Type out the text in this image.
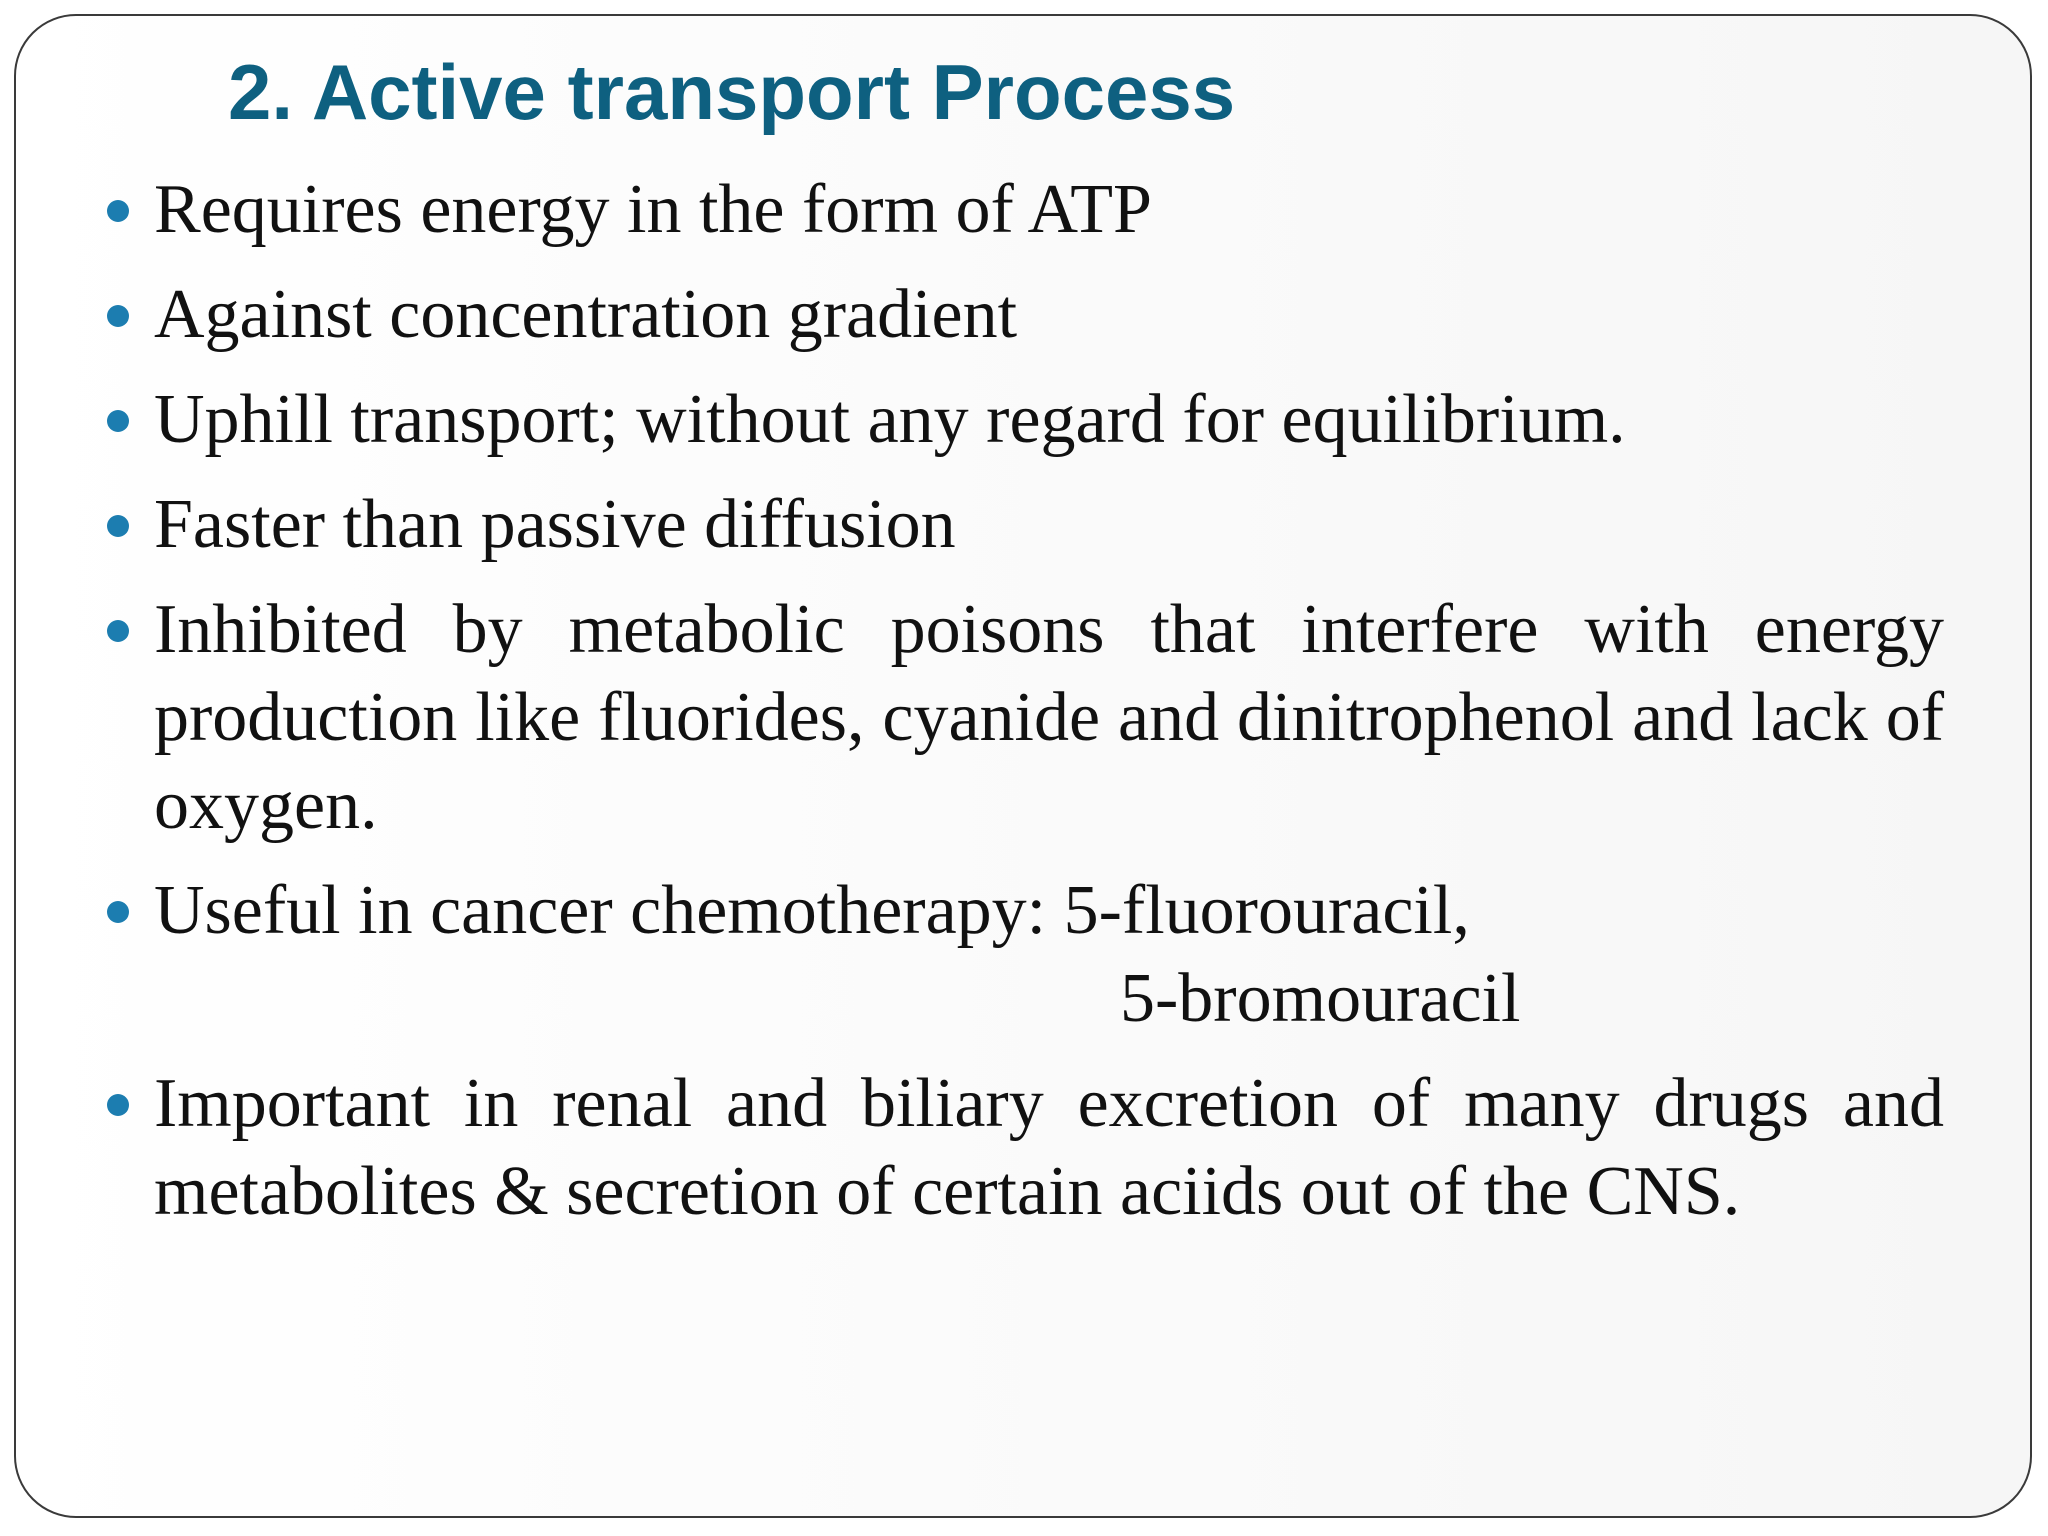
2. Active transport Process
Requires energy in the form of ATP
Against concentration gradient
Uphill transport; without any regard for equilibrium.
Faster than passive diffusion
Inhibited by metabolic poisons that interfere with energy production like fluorides, cyanide and dinitrophenol and lack of oxygen.
Useful in cancer chemotherapy: 5-fluorouracil,
5-bromouracil
Important in renal and biliary excretion of many drugs and metabolites & secretion of certain aciids out of the CNS.
